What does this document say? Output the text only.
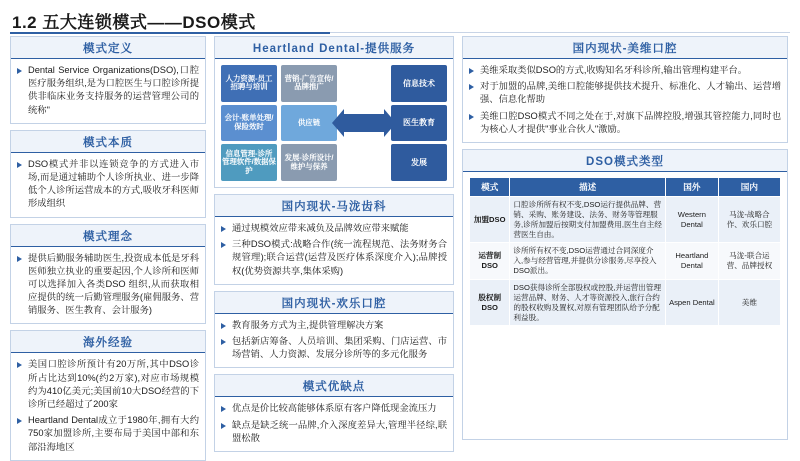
1.2 五大连锁模式——DSO模式
模式定义
Dental Service Organizations(DSO),口腔医疗服务组织,是为口腔医生与口腔诊所提供非临床业务支持服务的运营管理公司的统称"
模式本质
DSO模式并非以连锁竞争的方式进入市场,而是通过辅助个人诊所执业、进一步降低个人诊所运营成本的方式,吸收牙科医师形成组织
模式理念
提供后勤服务辅助医生,投资成本低是牙科医师独立执业的重要起因,个人诊所和医师可以选择加入各类DSO 组织,从而获取相应提供的统一后勤管理服务(雇佣服务、营销服务、医生教育、会计服务)
海外经验
美国口腔诊所预计有20万所,其中DSO诊所占比达到10%(约2万家),对应市场规模约为410亿美元;美国前10大DSO经营的下诊所已经超过了200家
Heartland Dental成立于1980年,拥有大约750家加盟诊所,主要布局于美国中部和东部沿海地区
Heartland Dental-提供服务
人力资源-员工招聘与培训
会计-账单处理/保险效时
信息管理-诊所管理软件/数据保护
营销-广告宣传/品牌推广
供应链
发展-诊所设计/维护与保养
信息技术
医生教育
发展
国内现状-马泷齿科
通过规模效应带来减负及品牌效应带来赋能
三种DSO模式:战略合作(统一流程规范、法务财务合规管理);联合运营(运营及医疗体系深度介入);品牌授权(优势资源共享,集体采购)
国内现状-欢乐口腔
教育服务方式为主,提供管理解决方案
包括新店筹备、人员培训、集团采购、门店运营、市场营销、人力资源、发展分诊所等的多元化服务
模式优缺点
优点是价比较高能够体系原有客户降低现金流压力
缺点是缺乏统一品牌,介入深度差异大,管理半径综,联盟松散
国内现状-美维口腔
美维采取类似DSO的方式,收购知名牙科诊所,输出管理构建平台。
对于加盟的品牌,美维口腔能够提供技术提升、标准化、人才输出、运营增强、信息化帮助
美维口腔DSO模式不同之处在于,对旗下品牌控股,增强其管控能力,同时也为核心人才提供"事业合伙人"激励。
DSO模式类型
模式	描述	国外	国内
加盟DSO	口腔诊所所有权不变,DSO运行提供品牌、营销、采购、账务建设、法务、财务等管理服务,诊所加盟后按期支付加盟费用,医生自主经营医生自由。	Western Dental	马泷-战略合作、欢乐口腔
运营制DSO	诊所所有权不变,DSO运营通过合同深度介入,参与经营管理,并提供分诊服务,尽享投入DSO派出。	Heartland Dental	马泷-联合运营、品牌授权
股权制DSO	DSO获得诊所全部股权或控股,并运营出管理运营品牌、财务、人才等资源投入,旅行合约的股权收购及置权,对原有管理团队给予分配利益股。	Aspen Dental	美维
